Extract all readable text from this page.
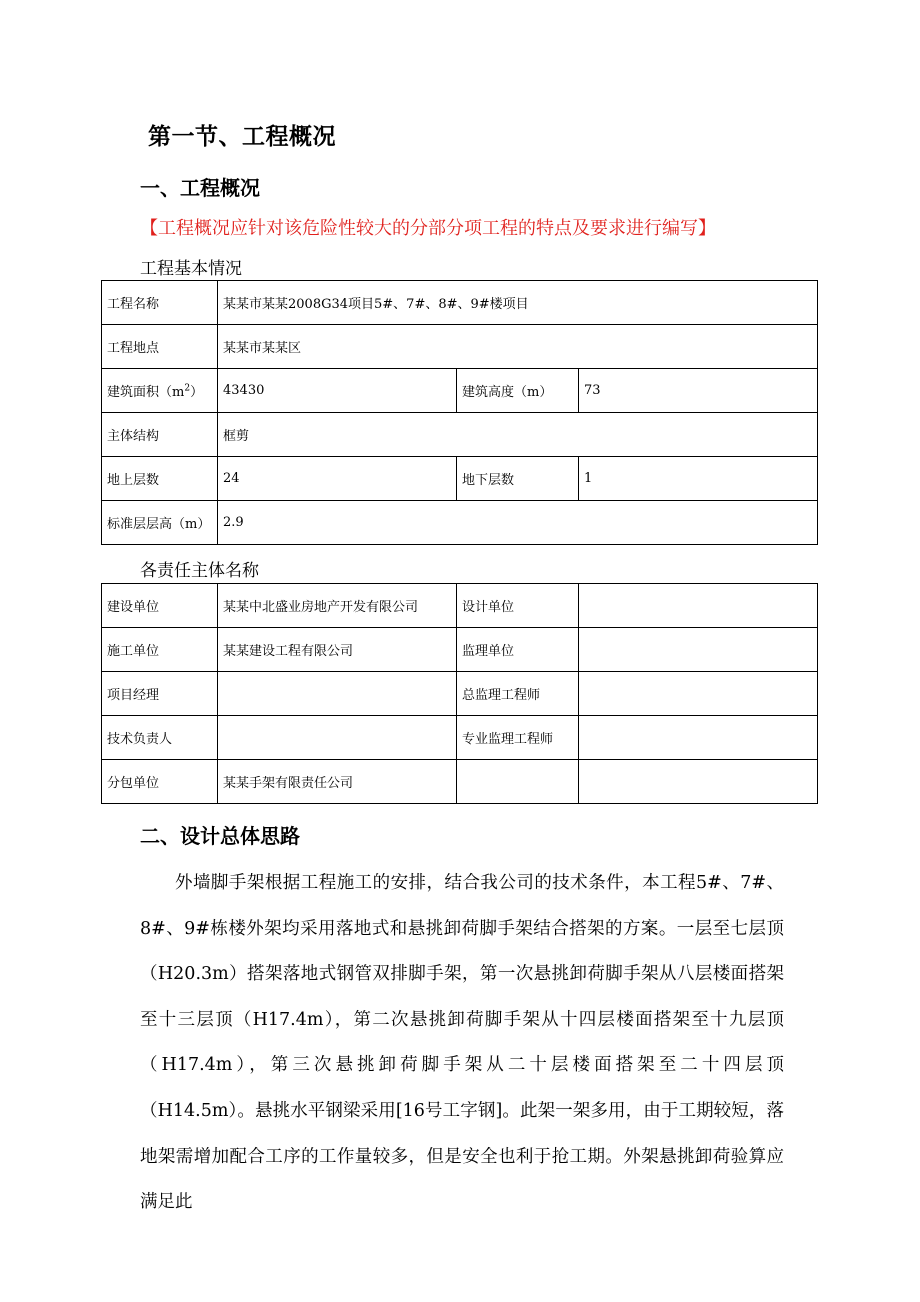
第一节、工程概况
一、工程概况
【工程概况应针对该危险性较大的分部分项工程的特点及要求进行编写】
工程基本情况
工程名称	某某市某某2008G34项目5#、7#、8#、9#楼项目		
工程地点	某某市某某区		
建筑面积$(m^2)$	43430	建筑高度（m）	73
主体结构	框剪		
地上层数	24	地下层数	1
标准层层高（m）	2.9		
各责任主体名称
建设单位	某某中北盛业房地产开发有限公司	设计单位	
施工单位	某某建设工程有限公司	监理单位	
项目经理		总监理工程师	
技术负责人		专业监理工程师	
分包单位	某某手架有限责任公司		
二、设计总体思路

外墙脚手架根据工程施工的安排，结合我公司的技术条件，本工程5#、7#、8#、9#栋楼外架均采用落地式和悬挑卸荷脚手架结合搭架的方案。一层至七层顶（H20.3m）搭架落地式钢管双排脚手架，第一次悬挑卸荷脚手架从八层楼面搭架至十三层顶（H17.4m），第二次悬挑卸荷脚手架从十四层楼面搭架至十九层顶（H17.4m），第三次悬挑卸荷脚手架从二十层楼面搭架至二十四层顶（H14.5m）。悬挑水平钢梁采用[16号工字钢]。此架一架多用，由于工期较短，落地架需增加配合工序的工作量较多，但是安全也利于抢工期。外架悬挑卸荷验算应满足此
